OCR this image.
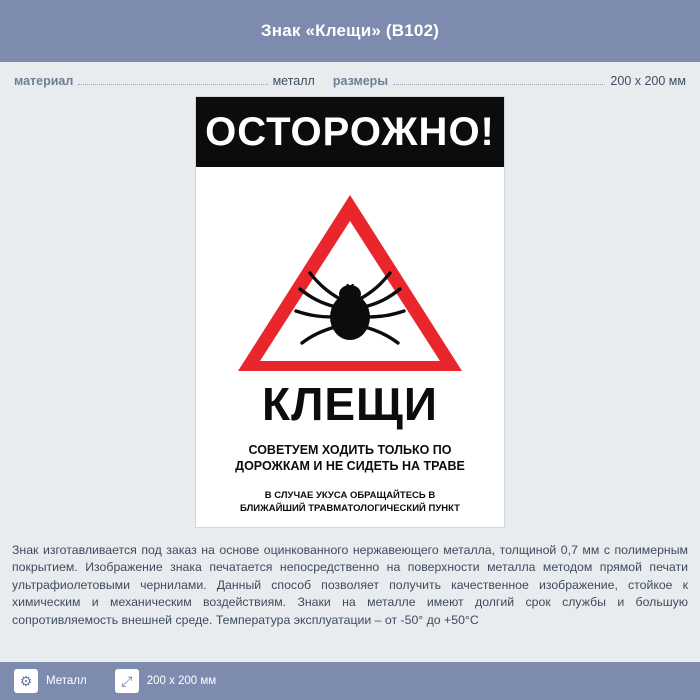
Знак «Клещи» (B102)
материал	металл размеры	200 x 200 мм
ОСТОРОЖНО!
КЛЕЩИ
СОВЕТУЕМ ХОДИТЬ ТОЛЬКО ПО
ДОРОЖКАМ И НЕ СИДЕТЬ НА ТРАВЕ
В СЛУЧАЕ УКУСА ОБРАЩАЙТЕСЬ В
БЛИЖАЙШИЙ ТРАВМАТОЛОГИЧЕСКИЙ ПУНКТ
Знак изготавливается под заказ на основе оцинкованного нержавеющего металла, толщиной 0,7 мм с полимерным покрытием. Изображение знака печатается непосредственно на поверхности металла методом прямой печати ультрафиолетовыми чернилами. Данный способ позволяет получить качественное изображение, стойкое к химическим и механическим воздействиям. Знаки на металле имеют долгий срок службы и большую сопротивляемость внешней среде. Температура эксплуатации – от -50° до +50°C
⚙	Металл	⤢	200 x 200 мм
